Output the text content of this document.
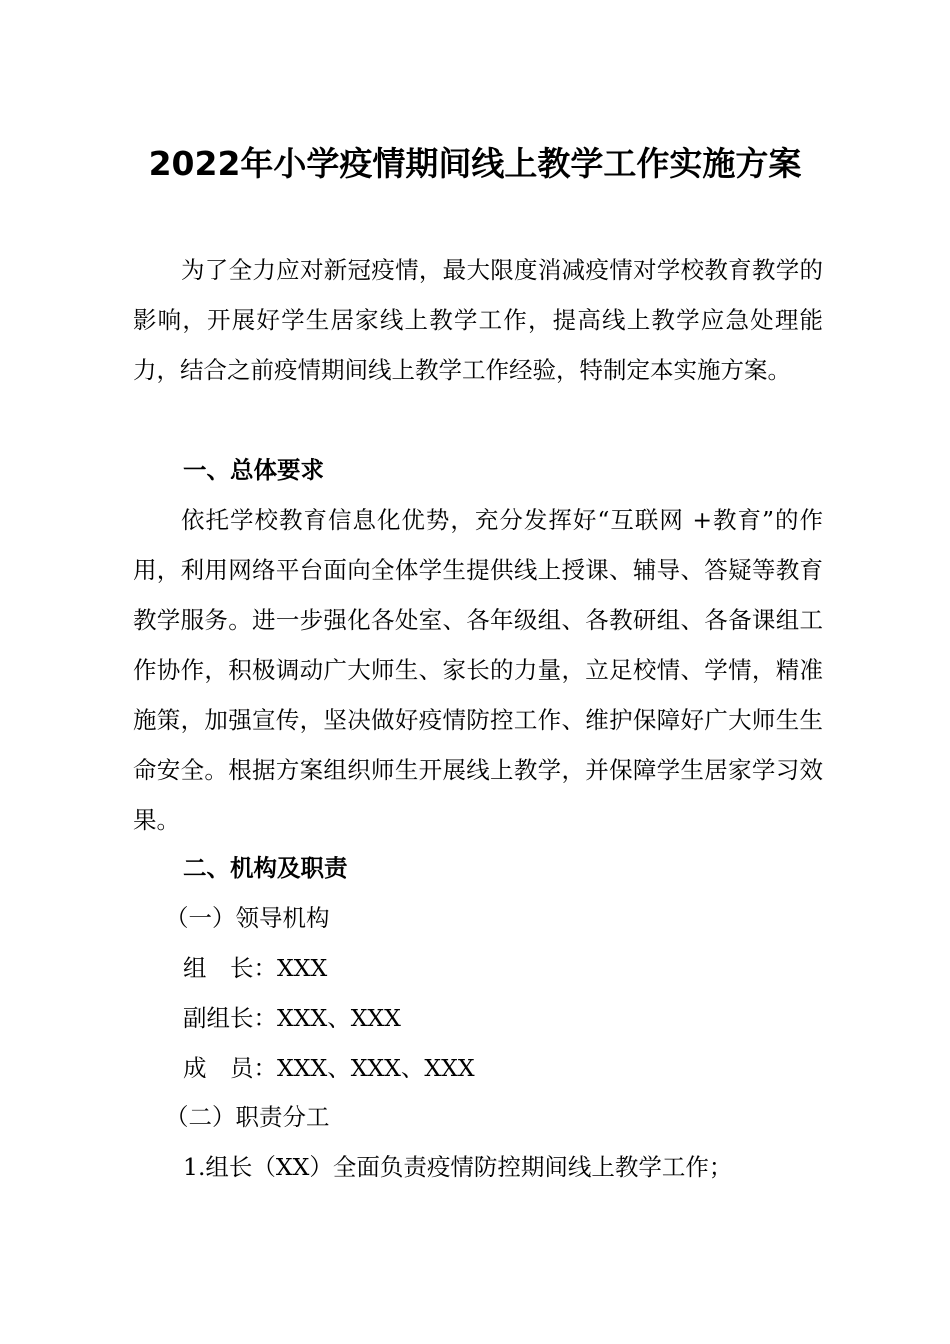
2022年小学疫情期间线上教学工作实施方案

为了全力应对新冠疫情，最大限度消减疫情对学校教育教学的影响，开展好学生居家线上教学工作，提高线上教学应急处理能力，结合之前疫情期间线上教学工作经验，特制定本实施方案。

一、总体要求

依托学校教育信息化优势，充分发挥好“互联网 +教育”的作用，利用网络平台面向全体学生提供线上授课、辅导、答疑等教育教学服务。进一步强化各处室、各年级组、各教研组、各备课组工作协作，积极调动广大师生、家长的力量，立足校情、学情，精准施策，加强宣传，坚决做好疫情防控工作、维护保障好广大师生生命安全。根据方案组织师生开展线上教学，并保障学生居家学习效果。

二、机构及职责
（一）领导机构
组　长：XXX
副组长：XXX、XXX
成　员：XXX、XXX、XXX
（二）职责分工
1.组长（XX）全面负责疫情防控期间线上教学工作；
